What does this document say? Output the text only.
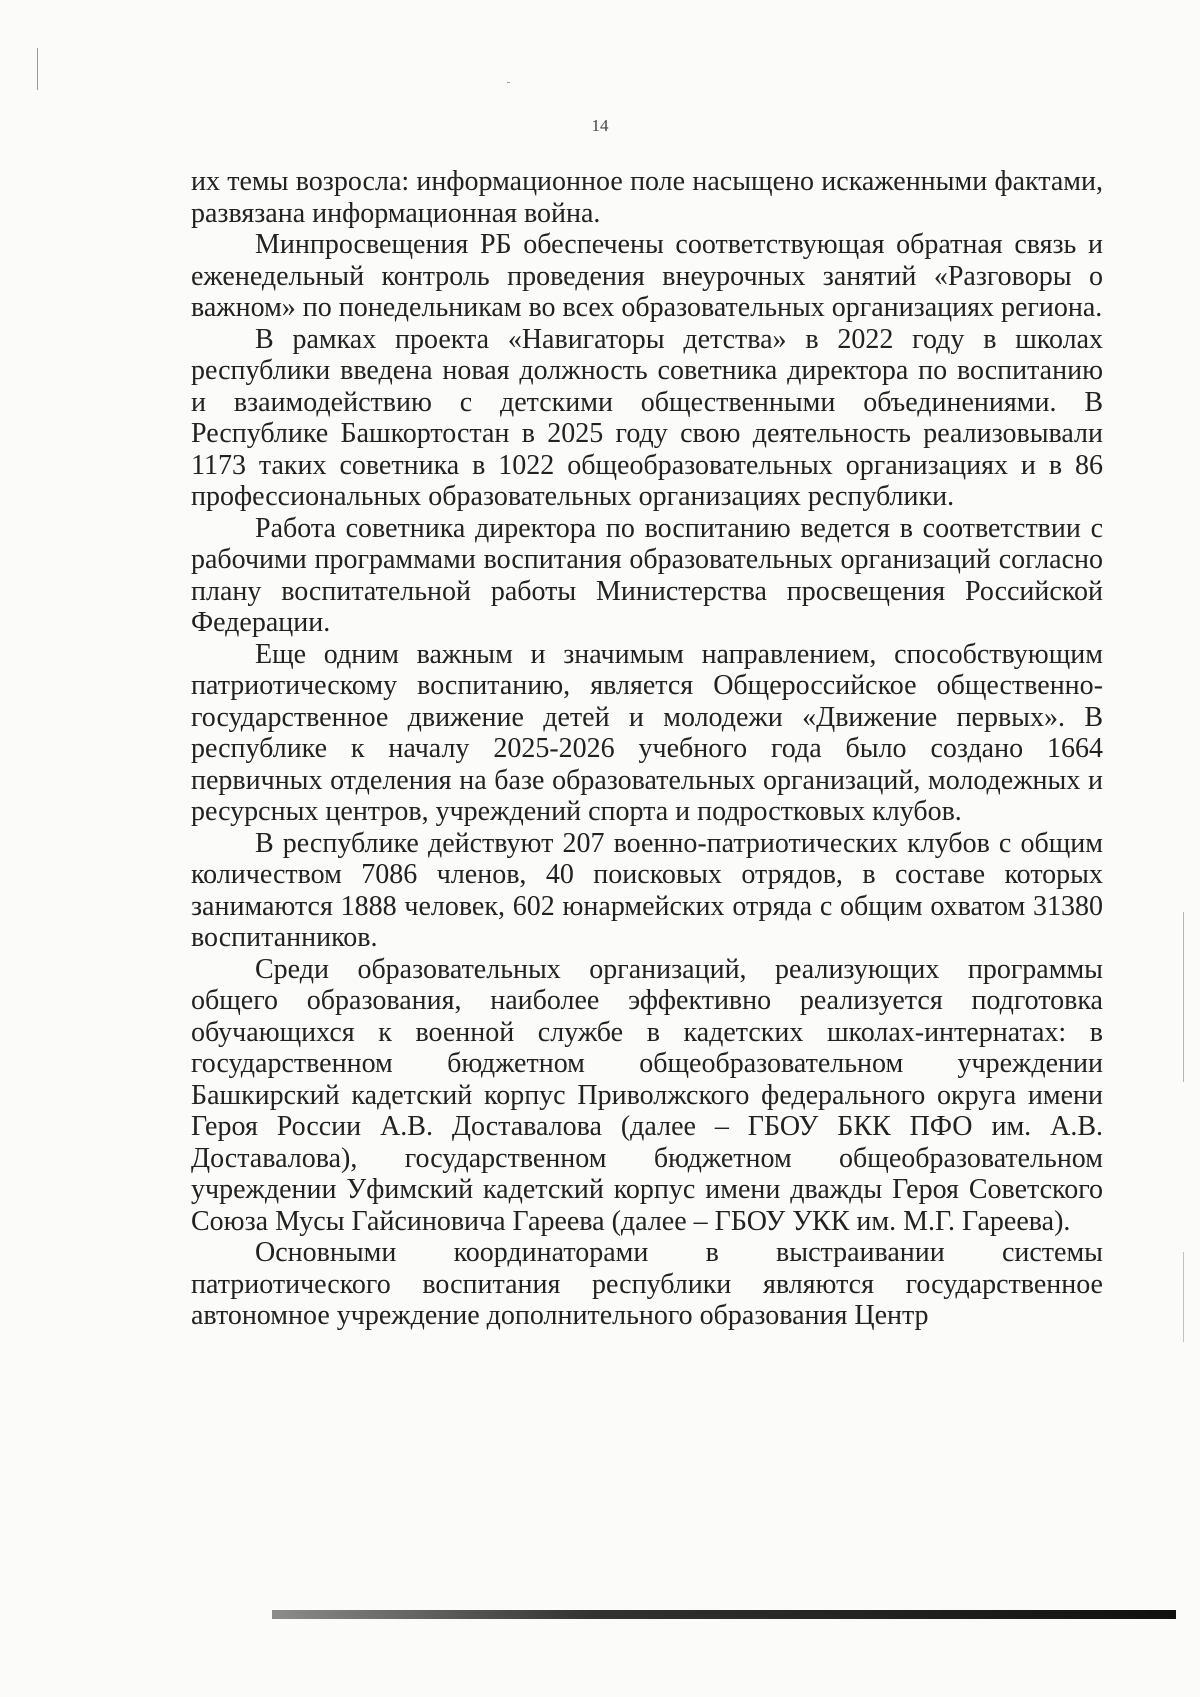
14

их темы возросла: информационное поле насыщено искаженными фактами, развязана информационная война.

Минпросвещения РБ обеспечены соответствующая обратная связь и еженедельный контроль проведения внеурочных занятий «Разговоры о важном» по понедельникам во всех образовательных организациях региона.

В рамках проекта «Навигаторы детства» в 2022 году в школах республики введена новая должность советника директора по воспитанию и взаимодействию с детскими общественными объединениями. В Республике Башкортостан в 2025 году свою деятельность реализовывали 1173 таких советника в 1022 общеобразовательных организациях и в 86 профессиональных образовательных организациях республики.

Работа советника директора по воспитанию ведется в соответствии с рабочими программами воспитания образовательных организаций согласно плану воспитательной работы Министерства просвещения Российской Федерации.

Еще одним важным и значимым направлением, способствующим патриотическому воспитанию, является Общероссийское общественно-государственное движение детей и молодежи «Движение первых». В республике к началу 2025-2026 учебного года было создано 1664 первичных отделения на базе образовательных организаций, молодежных и ресурсных центров, учреждений спорта и подростковых клубов.

В республике действуют 207 военно-патриотических клубов с общим количеством 7086 членов, 40 поисковых отрядов, в составе которых занимаются 1888 человек, 602 юнармейских отряда с общим охватом 31380 воспитанников.

Среди образовательных организаций, реализующих программы общего образования, наиболее эффективно реализуется подготовка обучающихся к военной службе в кадетских школах-интернатах: в государственном бюджетном общеобразовательном учреждении Башкирский кадетский корпус Приволжского федерального округа имени Героя России А.В. Доставалова (далее – ГБОУ БКК ПФО им. А.В. Доставалова), государственном бюджетном общеобразовательном учреждении Уфимский кадетский корпус имени дважды Героя Советского Союза Мусы Гайсиновича Гареева (далее – ГБОУ УКК им. М.Г. Гареева).

Основными координаторами в выстраивании системы патриотического воспитания республики являются государственное автономное учреждение дополнительного образования Центр
